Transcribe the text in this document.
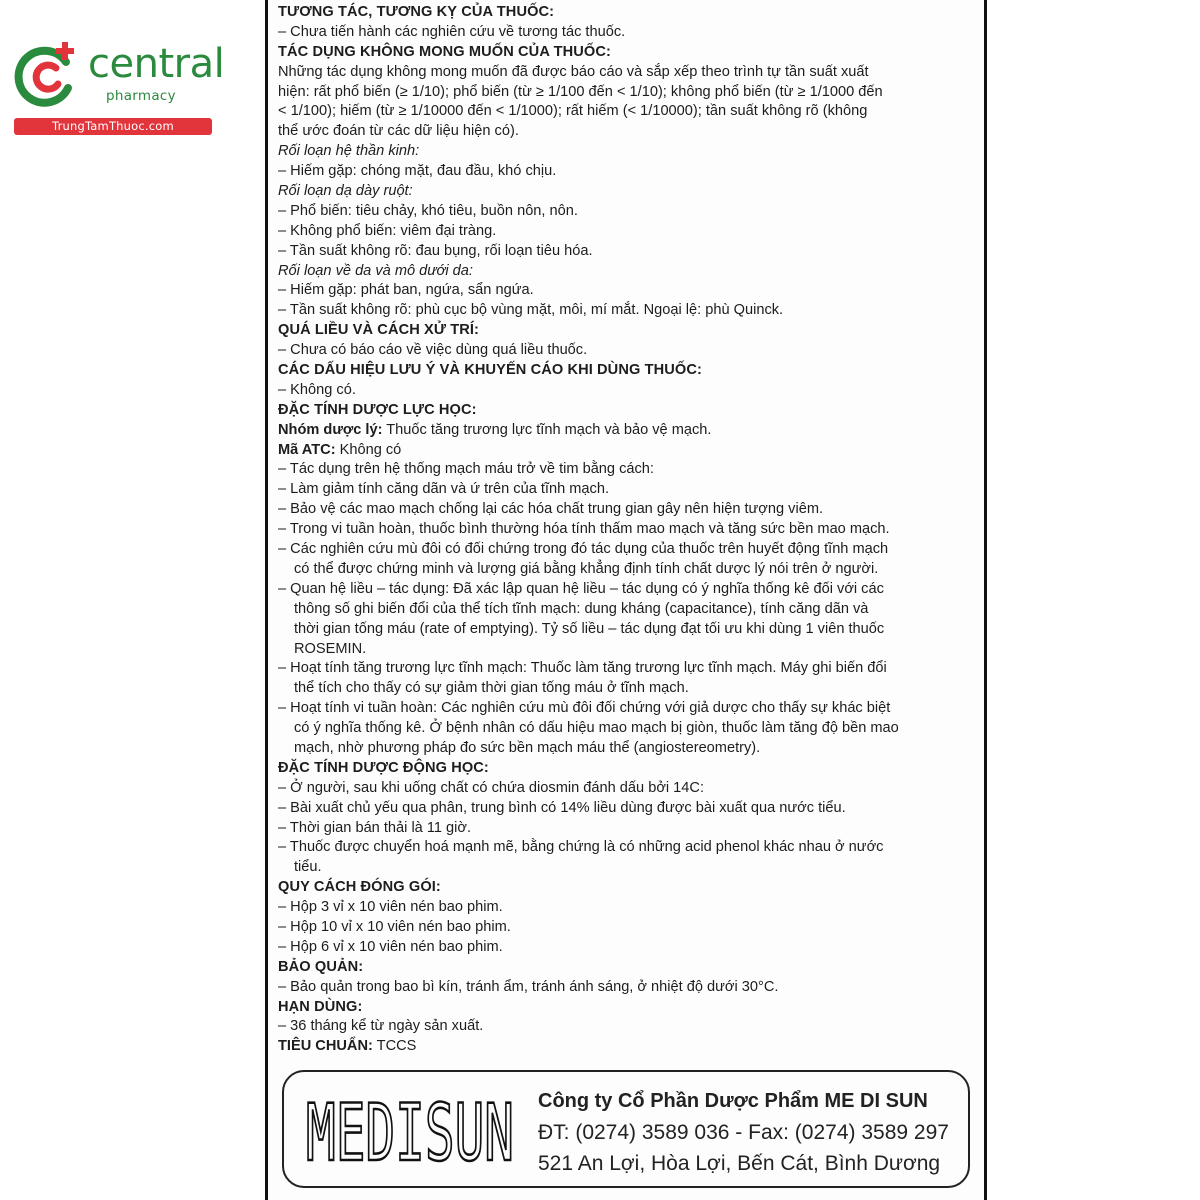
central
pharmacy
TrungTamThuoc.com
TƯƠNG TÁC, TƯƠNG KỴ CỦA THUỐC:
– Chưa tiến hành các nghiên cứu về tương tác thuốc.
TÁC DỤNG KHÔNG MONG MUỐN CỦA THUỐC:
Những tác dụng không mong muốn đã được báo cáo và sắp xếp theo trình tự tần suất xuất
hiện: rất phổ biến (≥ 1/10); phổ biến (từ ≥ 1/100 đến < 1/10); không phổ biến (từ ≥ 1/1000 đến
< 1/100); hiếm (từ ≥ 1/10000 đến < 1/1000); rất hiếm (< 1/10000); tần suất không rõ (không
thể ước đoán từ các dữ liệu hiện có).
Rối loạn hệ thần kinh:
– Hiếm gặp: chóng mặt, đau đầu, khó chịu.
Rối loạn dạ dày ruột:
– Phổ biến: tiêu chảy, khó tiêu, buồn nôn, nôn.
– Không phổ biến: viêm đại tràng.
– Tần suất không rõ: đau bụng, rối loạn tiêu hóa.
Rối loạn về da và mô dưới da:
– Hiếm gặp: phát ban, ngứa, sẩn ngứa.
– Tần suất không rõ: phù cục bộ vùng mặt, môi, mí mắt. Ngoại lệ: phù Quinck.
QUÁ LIỀU VÀ CÁCH XỬ TRÍ:
– Chưa có báo cáo về việc dùng quá liều thuốc.
CÁC DẤU HIỆU LƯU Ý VÀ KHUYẾN CÁO KHI DÙNG THUỐC:
– Không có.
ĐẶC TÍNH DƯỢC LỰC HỌC:
Nhóm dược lý: Thuốc tăng trương lực tĩnh mạch và bảo vệ mạch.
Mã ATC: Không có
– Tác dụng trên hệ thống mạch máu trở về tim bằng cách:
– Làm giảm tính căng dãn và ứ trên của tĩnh mạch.
– Bảo vệ các mao mạch chống lại các hóa chất trung gian gây nên hiện tượng viêm.
– Trong vi tuần hoàn, thuốc bình thường hóa tính thấm mao mạch và tăng sức bền mao mạch.
– Các nghiên cứu mù đôi có đối chứng trong đó tác dụng của thuốc trên huyết động tĩnh mạch
có thể được chứng minh và lượng giá bằng khẳng định tính chất dược lý nói trên ở người.
– Quan hệ liều – tác dụng: Đã xác lập quan hệ liều – tác dụng có ý nghĩa thống kê đối với các
thông số ghi biến đổi của thể tích tĩnh mạch: dung kháng (capacitance), tính căng dãn và
thời gian tống máu (rate of emptying). Tỷ số liều – tác dụng đạt tối ưu khi dùng 1 viên thuốc
ROSEMIN.
– Hoạt tính tăng trương lực tĩnh mạch: Thuốc làm tăng trương lực tĩnh mạch. Máy ghi biến đổi
thể tích cho thấy có sự giảm thời gian tống máu ở tĩnh mạch.
– Hoạt tính vi tuần hoàn: Các nghiên cứu mù đôi đối chứng với giả dược cho thấy sự khác biệt
có ý nghĩa thống kê. Ở bệnh nhân có dấu hiệu mao mạch bị giòn, thuốc làm tăng độ bền mao
mạch, nhờ phương pháp đo sức bền mạch máu thể (angiostereometry).
ĐẶC TÍNH DƯỢC ĐỘNG HỌC:
– Ở người, sau khi uống chất có chứa diosmin đánh dấu bởi 14C:
– Bài xuất chủ yếu qua phân, trung bình có 14% liều dùng được bài xuất qua nước tiểu.
– Thời gian bán thải là 11 giờ.
– Thuốc được chuyển hoá mạnh mẽ, bằng chứng là có những acid phenol khác nhau ở nước
tiểu.
QUY CÁCH ĐÓNG GÓI:
– Hộp 3 vỉ x 10 viên nén bao phim.
– Hộp 10 vỉ x 10 viên nén bao phim.
– Hộp 6 vỉ x 10 viên nén bao phim.
BẢO QUẢN:
– Bảo quản trong bao bì kín, tránh ẩm, tránh ánh sáng, ở nhiệt độ dưới 30°C.
HẠN DÙNG:
– 36 tháng kể từ ngày sản xuất.
TIÊU CHUẨN: TCCS
MEDISUN Công ty Cổ Phần Dược Phẩm ME DI SUN
ĐT: (0274) 3589 036 - Fax: (0274) 3589 297
521 An Lợi, Hòa Lợi, Bến Cát, Bình Dương
